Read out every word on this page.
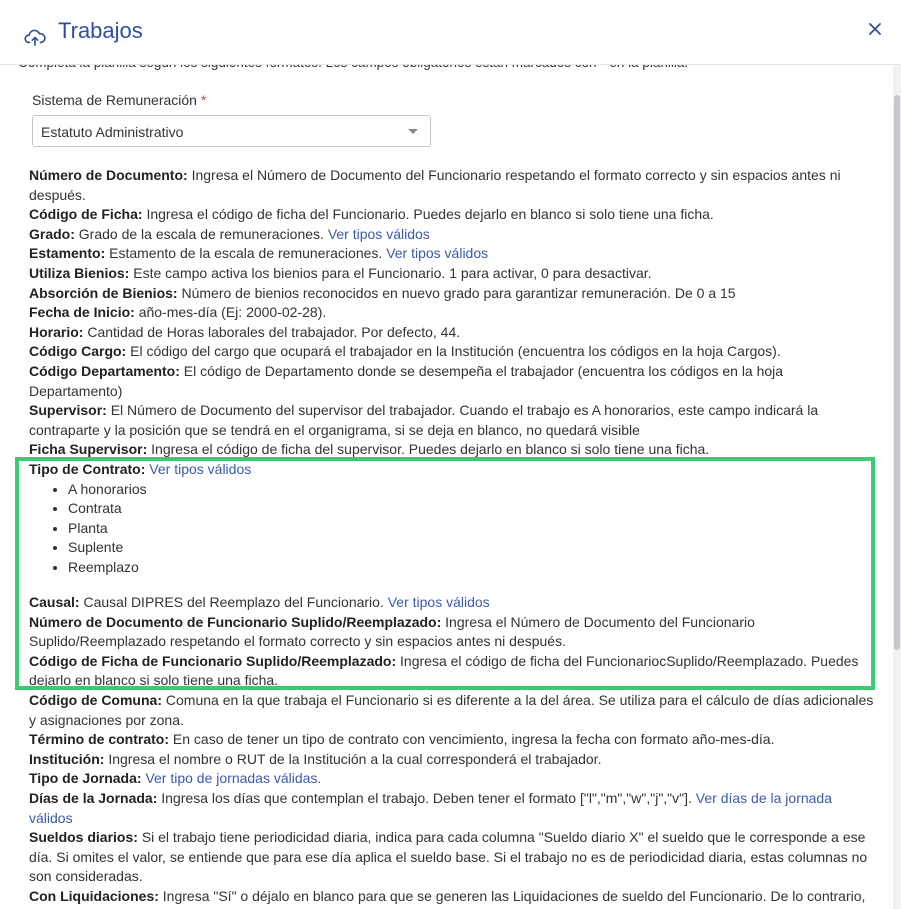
Trabajos
Sistema de Remuneración *
Estatuto Administrativo

Número de Documento: Ingresa el Número de Documento del Funcionario respetando el formato correcto y sin espacios antes ni después.

Código de Ficha: Ingresa el código de ficha del Funcionario. Puedes dejarlo en blanco si solo tiene una ficha.

Grado: Grado de la escala de remuneraciones. Ver tipos válidos

Estamento: Estamento de la escala de remuneraciones. Ver tipos válidos

Utiliza Bienios: Este campo activa los bienios para el Funcionario. 1 para activar, 0 para desactivar.

Absorción de Bienios: Número de bienios reconocidos en nuevo grado para garantizar remuneración. De 0 a 15

Fecha de Inicio: año-mes-día (Ej: 2000-02-28).

Horario: Cantidad de Horas laborales del trabajador. Por defecto, 44.

Código Cargo: El código del cargo que ocupará el trabajador en la Institución (encuentra los códigos en la hoja Cargos).

Código Departamento: El código de Departamento donde se desempeña el trabajador (encuentra los códigos en la hoja Departamento)

Supervisor: El Número de Documento del supervisor del trabajador. Cuando el trabajo es A honorarios, este campo indicará la contraparte y la posición que se tendrá en el organigrama, si se deja en blanco, no quedará visible

Ficha Supervisor: Ingresa el código de ficha del supervisor. Puedes dejarlo en blanco si solo tiene una ficha.

Tipo de Contrato: Ver tipos válidos

• A honorarios
• Contrata
• Planta
• Suplente
• Reemplazo

Causal: Causal DIPRES del Reemplazo del Funcionario. Ver tipos válidos

Número de Documento de Funcionario Suplido/Reemplazado: Ingresa el Número de Documento del Funcionario Suplido/Reemplazado respetando el formato correcto y sin espacios antes ni después.

Código de Ficha de Funcionario Suplido/Reemplazado: Ingresa el código de ficha del FuncionariocSuplido/Reemplazado. Puedes dejarlo en blanco si solo tiene una ficha.

Código de Comuna: Comuna en la que trabaja el Funcionario si es diferente a la del área. Se utiliza para el cálculo de días adicionales y asignaciones por zona.

Término de contrato: En caso de tener un tipo de contrato con vencimiento, ingresa la fecha con formato año-mes-día.

Institución: Ingresa el nombre o RUT de la Institución a la cual corresponderá el trabajador.

Tipo de Jornada: Ver tipo de jornadas válidas.

Días de la Jornada: Ingresa los días que contemplan el trabajo. Deben tener el formato ["l","m","w","j","v"]. Ver días de la jornada válidos

Sueldos diarios: Si el trabajo tiene periodicidad diaria, indica para cada columna "Sueldo diario X" el sueldo que le corresponde a ese día. Si omites el valor, se entiende que para ese día aplica el sueldo base. Si el trabajo no es de periodicidad diaria, estas columnas no son consideradas.

Con Liquidaciones: Ingresa "Sí" o déjalo en blanco para que se generen las Liquidaciones de sueldo del Funcionario. De lo contrario,
